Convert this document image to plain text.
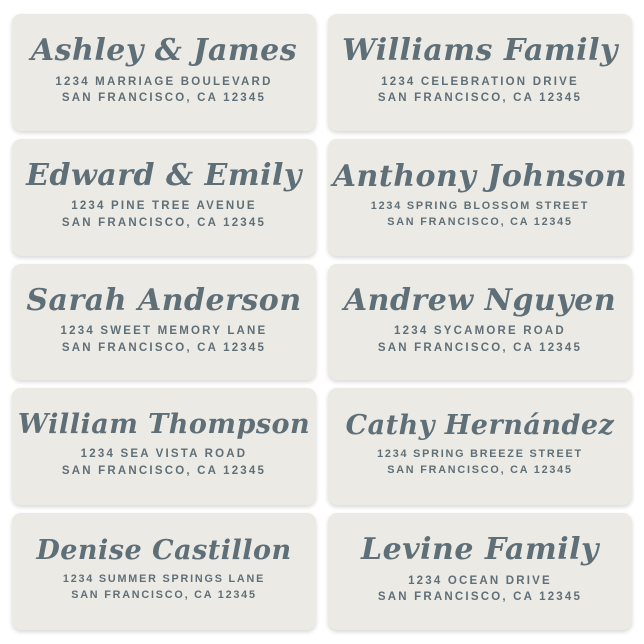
Ashley & James
1234 MARRIAGE BOULEVARD
SAN FRANCISCO, CA 12345
Williams Family
1234 CELEBRATION DRIVE
SAN FRANCISCO, CA 12345
Edward & Emily
1234 PINE TREE AVENUE
SAN FRANCISCO, CA 12345
Anthony Johnson
1234 SPRING BLOSSOM STREET
SAN FRANCISCO, CA 12345
Sarah Anderson
1234 SWEET MEMORY LANE
SAN FRANCISCO, CA 12345
Andrew Nguyen
1234 SYCAMORE ROAD
SAN FRANCISCO, CA 12345
William Thompson
1234 SEA VISTA ROAD
SAN FRANCISCO, CA 12345
Cathy Hernández
1234 SPRING BREEZE STREET
SAN FRANCISCO, CA 12345
Denise Castillon
1234 SUMMER SPRINGS LANE
SAN FRANCISCO, CA 12345
Levine Family
1234 OCEAN DRIVE
SAN FRANCISCO, CA 12345
